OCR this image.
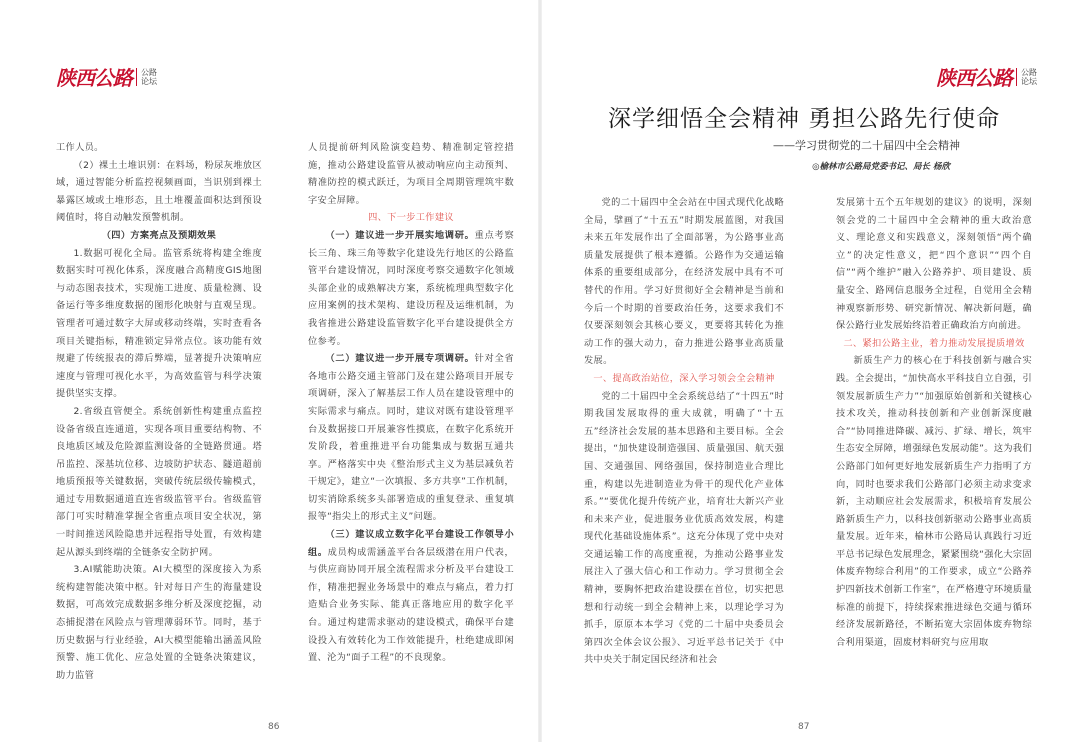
陕西公路 公路
论坛

工作人员。

（2）裸土土堆识别：在料场，粉尿灰堆放区域，通过智能分析监控视频画面，当识别到裸土暴露区域或土堆形态，且土堆覆盖面积达到预设阈值时，将自动触发预警机制。

（四）方案亮点及预期效果

1.数据可视化全局。监管系统将构建全维度数据实时可视化体系，深度融合高精度GIS地图与动态图表技术，实现施工进度、质量检测、设备运行等多维度数据的图形化映射与直观呈现。管理者可通过数字大屏或移动终端，实时查看各项目关键指标，精准锁定异常点位。该功能有效规避了传统报表的滞后弊端，显著提升决策响应速度与管理可视化水平，为高效监管与科学决策提供坚实支撑。

2.省级直管便全。系统创新性构建重点监控设备省级直连通道，实现各项目重要结构物、不良地质区域及危险源监测设备的全链路贯通。塔吊监控、深基坑位移、边坡防护状态、隧道超前地质预报等关键数据，突破传统层级传输模式，通过专用数据通道直连省级监管平台。省级监管部门可实时精准掌握全省重点项目安全状况，第一时间推送风险隐患并远程指导处置，有效构建起从源头到终端的全链条安全防护网。

3.AI赋能助决策。AI大模型的深度接入为系统构建智能决策中枢。针对每日产生的海量建设数据，可高效完成数据多维分析及深度挖掘，动态捕捉潜在风险点与管理薄弱环节。同时，基于历史数据与行业经验，AI大模型能输出涵盖风险预警、施工优化、应急处置的全链条决策建议，助力监管

人员提前研判风险演变趋势、精准制定管控措施，推动公路建设监管从被动响应向主动预判、精准防控的模式跃迁，为项目全周期管理筑牢数字安全屏障。

四、下一步工作建议

（一）建议进一步开展实地调研。重点考察长三角、珠三角等数字化建设先行地区的公路监管平台建设情况，同时深度考察交通数字化领域头部企业的成熟解决方案，系统梳理典型数字化应用案例的技术架构、建设历程及运维机制，为我省推进公路建设监管数字化平台建设提供全方位参考。

（二）建议进一步开展专项调研。针对全省各地市公路交通主管部门及在建公路项目开展专项调研，深入了解基层工作人员在建设管理中的实际需求与痛点。同时，建议对既有建设管理平台及数据接口开展兼容性摸底，在数字化系统开发阶段，着重推进平台功能集成与数据互通共享。严格落实中央《整治形式主义为基层减负若干规定》，建立“一次填报、多方共享”工作机制，切实消除系统多头部署造成的重复登录、重复填报等“指尖上的形式主义”问题。

（三）建议成立数字化平台建设工作领导小组。成员构成需涵盖平台各层级潜在用户代表，与供应商协同开展全流程需求分析及平台建设工作，精准把握业务场景中的难点与痛点，着力打造贴合业务实际、能真正落地应用的数字化平台。通过构建需求驱动的建设模式，确保平台建设投入有效转化为工作效能提升，杜绝建成即闲置、沦为“面子工程”的不良现象。

86
陕西公路 公路
论坛
深学细悟全会精神 勇担公路先行使命
——学习贯彻党的二十届四中全会精神
◎榆林市公路局党委书记、局长 杨欣

党的二十届四中全会站在中国式现代化战略全局，擘画了“十五五”时期发展蓝图，对我国未来五年发展作出了全面部署，为公路事业高质量发展提供了根本遵循。公路作为交通运输体系的重要组成部分，在经济发展中具有不可替代的作用。学习好贯彻好全会精神是当前和今后一个时期的首要政治任务，这要求我们不仅要深刻领会其核心要义，更要将其转化为推动工作的强大动力，奋力推进公路事业高质量发展。

一、提高政治站位，深入学习领会全会精神

党的二十届四中全会系统总结了“十四五”时期我国发展取得的重大成就，明确了“十五五”经济社会发展的基本思路和主要目标。全会提出，“加快建设制造强国、质量强国、航天强国、交通强国、网络强国，保持制造业合理比重，构建以先进制造业为骨干的现代化产业体系。”“要优化提升传统产业，培育壮大新兴产业和未来产业，促进服务业优质高效发展，构建现代化基础设施体系”。这充分体现了党中央对交通运输工作的高度重视，为推动公路事业发展注入了强大信心和工作动力。学习贯彻全会精神，要胸怀把政治建设摆在首位，切实把思想和行动统一到全会精神上来，以理论学习为抓手，原原本本学习《党的二十届中央委员会第四次全体会议公报》、习近平总书记关于《中共中央关于制定国民经济和社会

发展第十五个五年规划的建议》的说明，深刻领会党的二十届四中全会精神的重大政治意义、理论意义和实践意义，深刻领悟“两个确立”的决定性意义，把“四个意识”“四个自信”“两个维护”融入公路养护、项目建设、质量安全、路网信息服务全过程，自觉用全会精神观察新形势、研究新情况、解决新问题，确保公路行业发展始终沿着正确政治方向前进。

二、紧扣公路主业，着力推动发展提质增效

新质生产力的核心在于科技创新与融合实践。全会提出，“加快高水平科技自立自强，引领发展新质生产力”“加强原始创新和关键核心技术攻关，推动科技创新和产业创新深度融合”“协同推进降碳、减污、扩绿、增长，筑牢生态安全屏障，增强绿色发展动能”。这为我们公路部门如何更好地发展新质生产力指明了方向，同时也要求我们公路部门必须主动求变求新，主动顺应社会发展需求，积极培育发展公路新质生产力，以科技创新驱动公路事业高质量发展。近年来，榆林市公路局认真践行习近平总书记绿色发展理念，紧紧围绕“强化大宗固体废弃物综合利用”的工作要求，成立“公路养护四新技术创新工作室”，在严格遵守环境质量标准的前提下，持续探索推进绿色交通与循环经济发展新路径，不断拓宽大宗固体废弃物综合利用渠道，固废材料研究与应用取

87
